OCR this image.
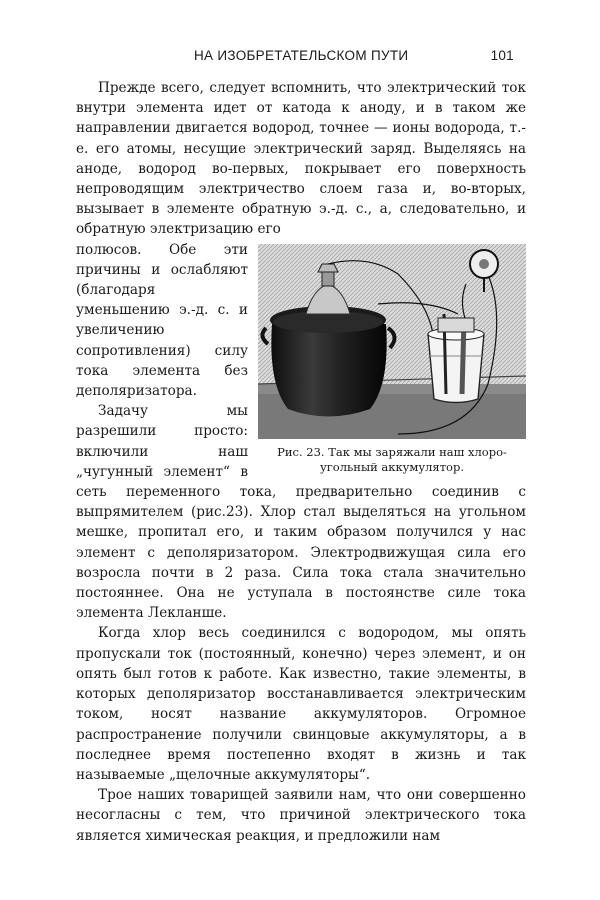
НА ИЗОБРЕТАТЕЛЬСКОМ ПУТИ	101

Прежде всего, следует вспомнить, что электрический ток внутри элемента идет от катода к аноду, и в таком же направлении двигается водород, точнее — ионы водорода, т.-е. его атомы, несущие электрический заряд. Выделяясь на аноде, водород во-первых, покрывает его поверхность непроводящим электричество слоем газа и, во-вторых, вызывает в элементе обратную э.-д. с., а, следовательно, и обратную электризацию его

Рис. 23. Так мы заряжали наш хлоро-угольный аккумулятор.

полюсов. Обе эти причины и ослабляют (благодаря уменьшению э.-д. с. и увеличению сопротивления) силу тока элемента без деполяризатора.

Задачу мы разрешили просто: включили наш „чугунный элемент“ в сеть переменного тока, предварительно соединив с выпрямителем (рис.23). Хлор стал выделяться на угольном мешке, пропитал его, и таким образом получился у нас элемент с деполяризатором. Электродвижущая сила его возросла почти в 2 раза. Сила тока стала значительно постояннее. Она не уступала в постоянстве силе тока элемента Лекланше.

Когда хлор весь соединился с водородом, мы опять пропускали ток (постоянный, конечно) через элемент, и он опять был готов к работе. Как известно, такие элементы, в которых деполяризатор восстанавливается электрическим током, носят название аккумуляторов. Огромное распространение получили свинцовые аккумуляторы, а в последнее время постепенно входят в жизнь и так называемые „щелочные аккумуляторы“.

Трое наших товарищей заявили нам, что они совершенно несогласны с тем, что причиной электрического тока является химическая реакция, и предложили нам
